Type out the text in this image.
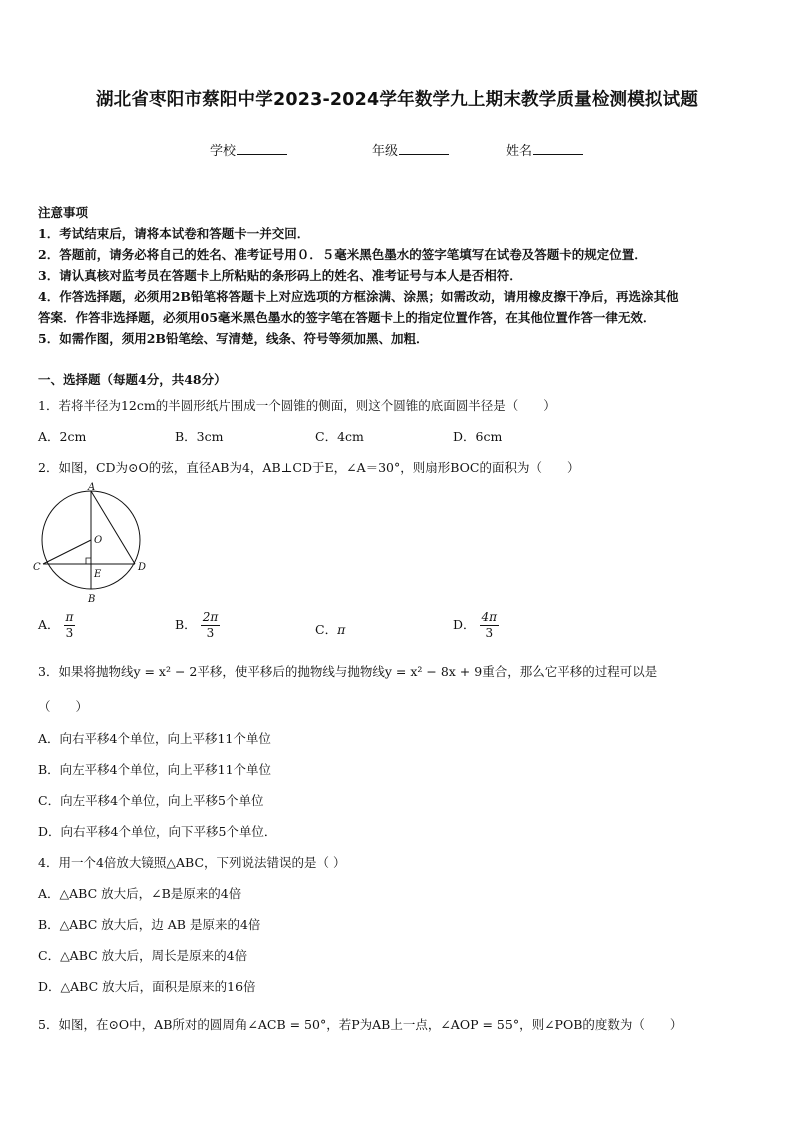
湖北省枣阳市蔡阳中学2023-2024学年数学九上期末教学质量检测模拟试题
学校	年级	姓名
注意事项
1．考试结束后，请将本试卷和答题卡一并交回．
2．答题前，请务必将自己的姓名、准考证号用０．５毫米黑色墨水的签字笔填写在试卷及答题卡的规定位置．
3．请认真核对监考员在答题卡上所粘贴的条形码上的姓名、准考证号与本人是否相符．
4．作答选择题，必须用2B铅笔将答题卡上对应选项的方框涂满、涂黑；如需改动，请用橡皮擦干净后，再选涂其他
答案．作答非选择题，必须用05毫米黑色墨水的签字笔在答题卡上的指定位置作答，在其他位置作答一律无效．
5．如需作图，须用2B铅笔绘、写清楚，线条、符号等须加黑、加粗．
一、选择题（每题4分，共48分）
1．若将半径为12cm的半圆形纸片围成一个圆锥的侧面，则这个圆锥的底面圆半径是（　　）
A．2cm	B．3cm	C．4cm	D．6cm
2．如图，CD为⊙O的弦，直径AB为4，AB⊥CD于E，∠A＝30°，则扇形BOC的面积为（　　）
A
B
C	D
O
E
A． $\frac{\pi}{3}$	B． $\frac{2\pi}{3}$	C．π	D． $\frac{4\pi}{3}$
3．如果将抛物线y = x² − 2平移，使平移后的抛物线与抛物线y = x² − 8x + 9重合，那么它平移的过程可以是
（　　）
A．向右平移4个单位，向上平移11个单位
B．向左平移4个单位，向上平移11个单位
C．向左平移4个单位，向上平移5个单位
D．向右平移4个单位，向下平移5个单位．
4．用一个4倍放大镜照△ABC，下列说法错误的是（ ）
A．△ABC 放大后，∠B是原来的4倍
B．△ABC 放大后，边 AB 是原来的4倍
C．△ABC 放大后，周长是原来的4倍
D．△ABC 放大后，面积是原来的16倍
5．如图，在⊙O中，AB所对的圆周角∠ACB = 50°，若P为AB上一点，∠AOP = 55°，则∠POB的度数为（　　）
